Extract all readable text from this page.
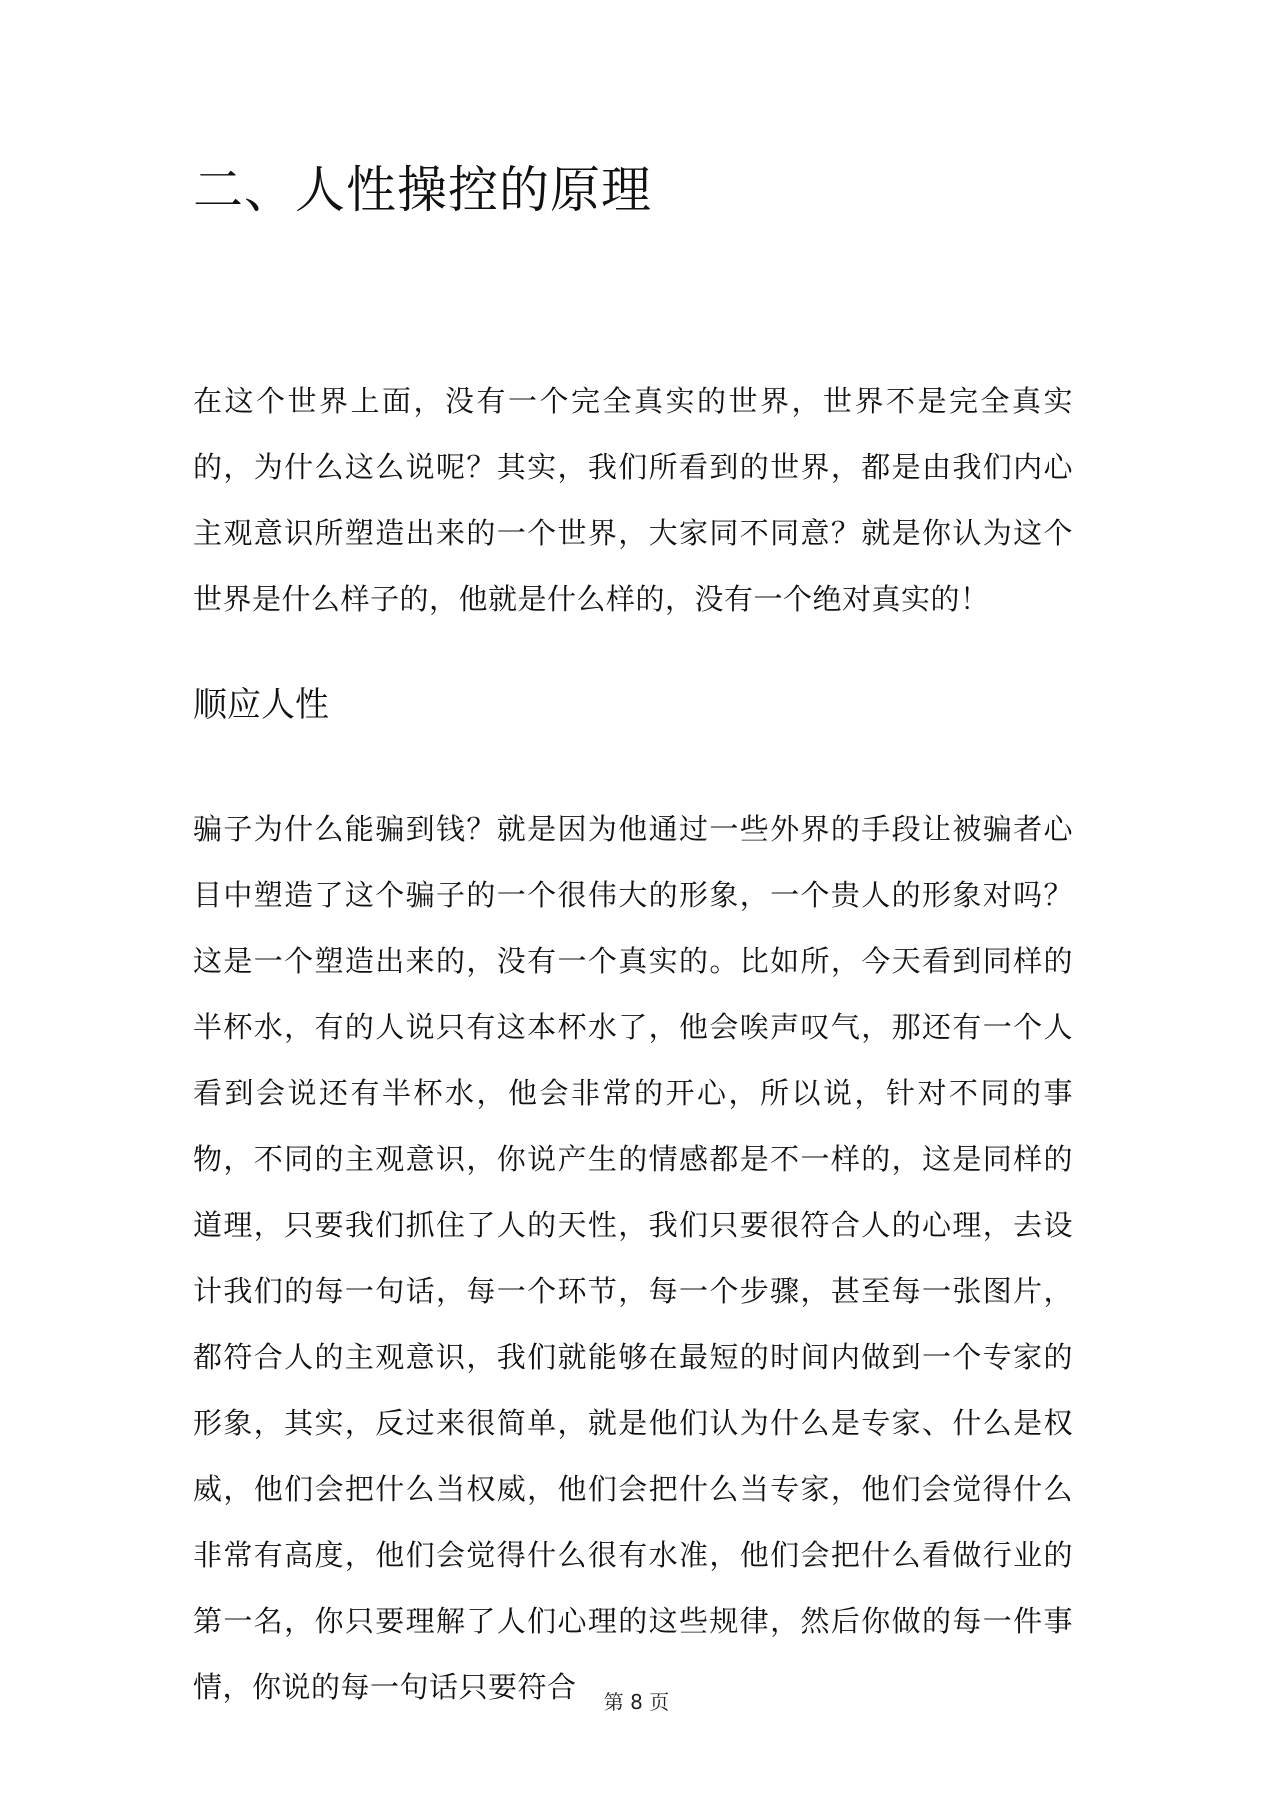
二、人性操控的原理

在这个世界上面，没有一个完全真实的世界，世界不是完全真实的，为什么这么说呢？其实，我们所看到的世界，都是由我们内心主观意识所塑造出来的一个世界，大家同不同意？就是你认为这个世界是什么样子的，他就是什么样的，没有一个绝对真实的！

顺应人性

骗子为什么能骗到钱？就是因为他通过一些外界的手段让被骗者心目中塑造了这个骗子的一个很伟大的形象，一个贵人的形象对吗？这是一个塑造出来的，没有一个真实的。比如所，今天看到同样的半杯水，有的人说只有这本杯水了，他会唉声叹气，那还有一个人看到会说还有半杯水，他会非常的开心，所以说，针对不同的事物，不同的主观意识，你说产生的情感都是不一样的，这是同样的道理，只要我们抓住了人的天性，我们只要很符合人的心理，去设计我们的每一句话，每一个环节，每一个步骤，甚至每一张图片，都符合人的主观意识，我们就能够在最短的时间内做到一个专家的形象，其实，反过来很简单，就是他们认为什么是专家、什么是权威，他们会把什么当权威，他们会把什么当专家，他们会觉得什么非常有高度，他们会觉得什么很有水准，他们会把什么看做行业的第一名，你只要理解了人们心理的这些规律，然后你做的每一件事情，你说的每一句话只要符合	第 8 页
